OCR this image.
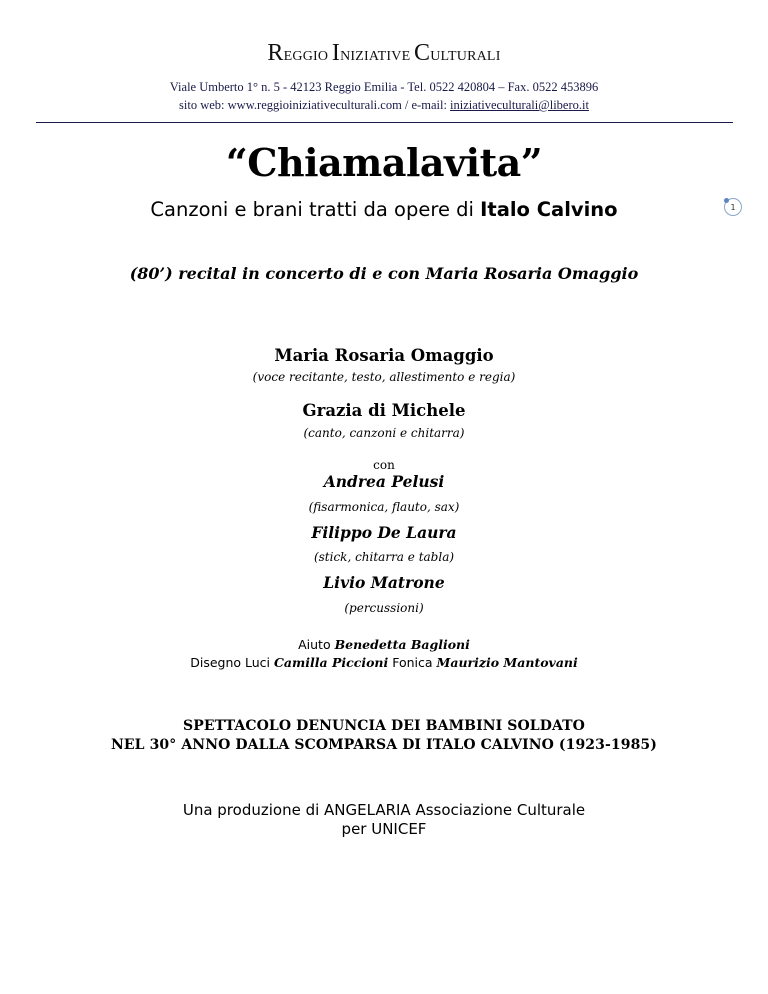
REGGIO INIZIATIVE CULTURALI
Viale Umberto 1° n. 5 - 42123 Reggio Emilia - Tel. 0522 420804 – Fax. 0522 453896
sito web: www.reggioiniziativeculturali.com / e-mail: iniziativeculturali@libero.it
“Chiamalavita”
Canzoni e brani tratti da opere di Italo Calvino	1
(80’) recital in concerto di e con Maria Rosaria Omaggio
Maria Rosaria Omaggio
(voce recitante, testo, allestimento e regia)
Grazia di Michele
(canto, canzoni e chitarra)
con
Andrea Pelusi
(fisarmonica, flauto, sax)
Filippo De Laura
(stick, chitarra e tabla)
Livio Matrone
(percussioni)
Aiuto Benedetta Baglioni
Disegno Luci Camilla Piccioni Fonica Maurizio Mantovani
SPETTACOLO DENUNCIA DEI BAMBINI SOLDATO
NEL 30° ANNO DALLA SCOMPARSA DI ITALO CALVINO (1923-1985)
Una produzione di ANGELARIA Associazione Culturale
per UNICEF
